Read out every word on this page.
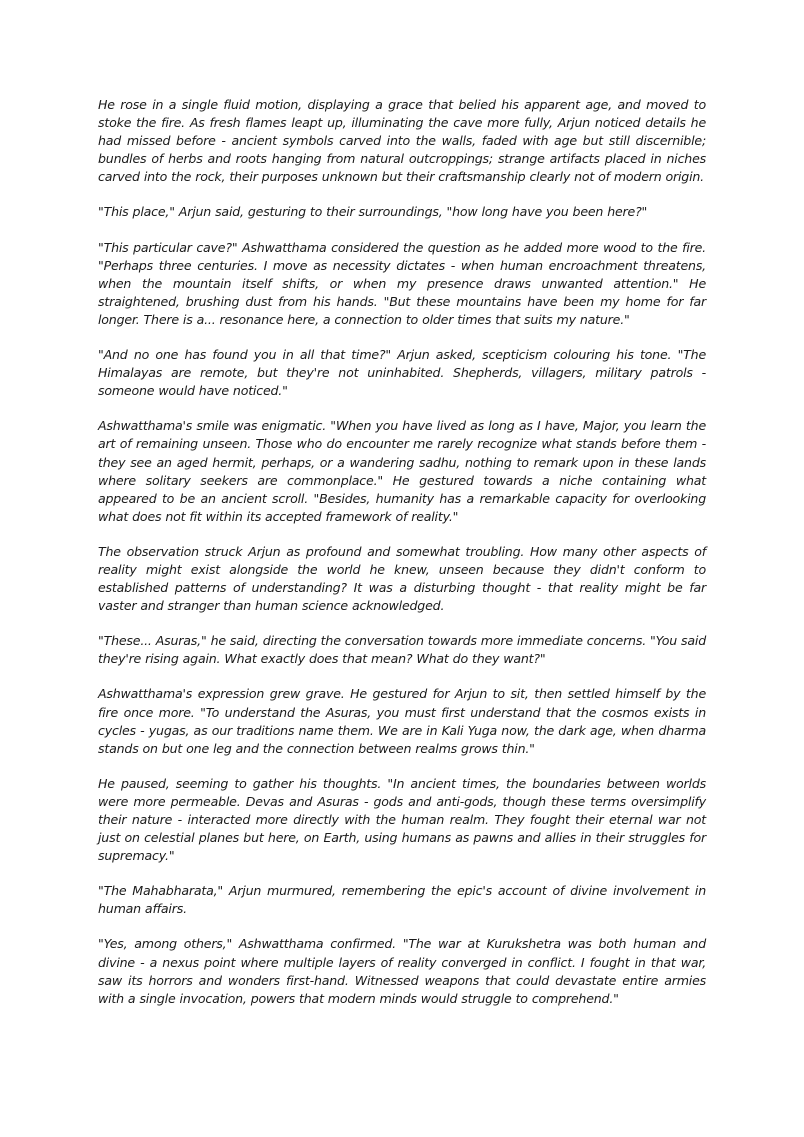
He rose in a single fluid motion, displaying a grace that belied his apparent age, and moved to stoke the fire. As fresh flames leapt up, illuminating the cave more fully, Arjun noticed details he had missed before - ancient symbols carved into the walls, faded with age but still discernible; bundles of herbs and roots hanging from natural outcroppings; strange artifacts placed in niches carved into the rock, their purposes unknown but their craftsmanship clearly not of modern origin.

"This place," Arjun said, gesturing to their surroundings, "how long have you been here?"

"This particular cave?" Ashwatthama considered the question as he added more wood to the fire. "Perhaps three centuries. I move as necessity dictates - when human encroachment threatens, when the mountain itself shifts, or when my presence draws unwanted attention." He straightened, brushing dust from his hands. "But these mountains have been my home for far longer. There is a... resonance here, a connection to older times that suits my nature."

"And no one has found you in all that time?" Arjun asked, scepticism colouring his tone. "The Himalayas are remote, but they're not uninhabited. Shepherds, villagers, military patrols - someone would have noticed."

Ashwatthama's smile was enigmatic. "When you have lived as long as I have, Major, you learn the art of remaining unseen. Those who do encounter me rarely recognize what stands before them - they see an aged hermit, perhaps, or a wandering sadhu, nothing to remark upon in these lands where solitary seekers are commonplace." He gestured towards a niche containing what appeared to be an ancient scroll. "Besides, humanity has a remarkable capacity for overlooking what does not fit within its accepted framework of reality."

The observation struck Arjun as profound and somewhat troubling. How many other aspects of reality might exist alongside the world he knew, unseen because they didn't conform to established patterns of understanding? It was a disturbing thought - that reality might be far vaster and stranger than human science acknowledged.

"These... Asuras," he said, directing the conversation towards more immediate concerns. "You said they're rising again. What exactly does that mean? What do they want?"

Ashwatthama's expression grew grave. He gestured for Arjun to sit, then settled himself by the fire once more. "To understand the Asuras, you must first understand that the cosmos exists in cycles - yugas, as our traditions name them. We are in Kali Yuga now, the dark age, when dharma stands on but one leg and the connection between realms grows thin."

He paused, seeming to gather his thoughts. "In ancient times, the boundaries between worlds were more permeable. Devas and Asuras - gods and anti-gods, though these terms oversimplify their nature - interacted more directly with the human realm. They fought their eternal war not just on celestial planes but here, on Earth, using humans as pawns and allies in their struggles for supremacy."

"The Mahabharata," Arjun murmured, remembering the epic's account of divine involvement in human affairs.

"Yes, among others," Ashwatthama confirmed. "The war at Kurukshetra was both human and divine - a nexus point where multiple layers of reality converged in conflict. I fought in that war, saw its horrors and wonders first-hand. Witnessed weapons that could devastate entire armies with a single invocation, powers that modern minds would struggle to comprehend."
